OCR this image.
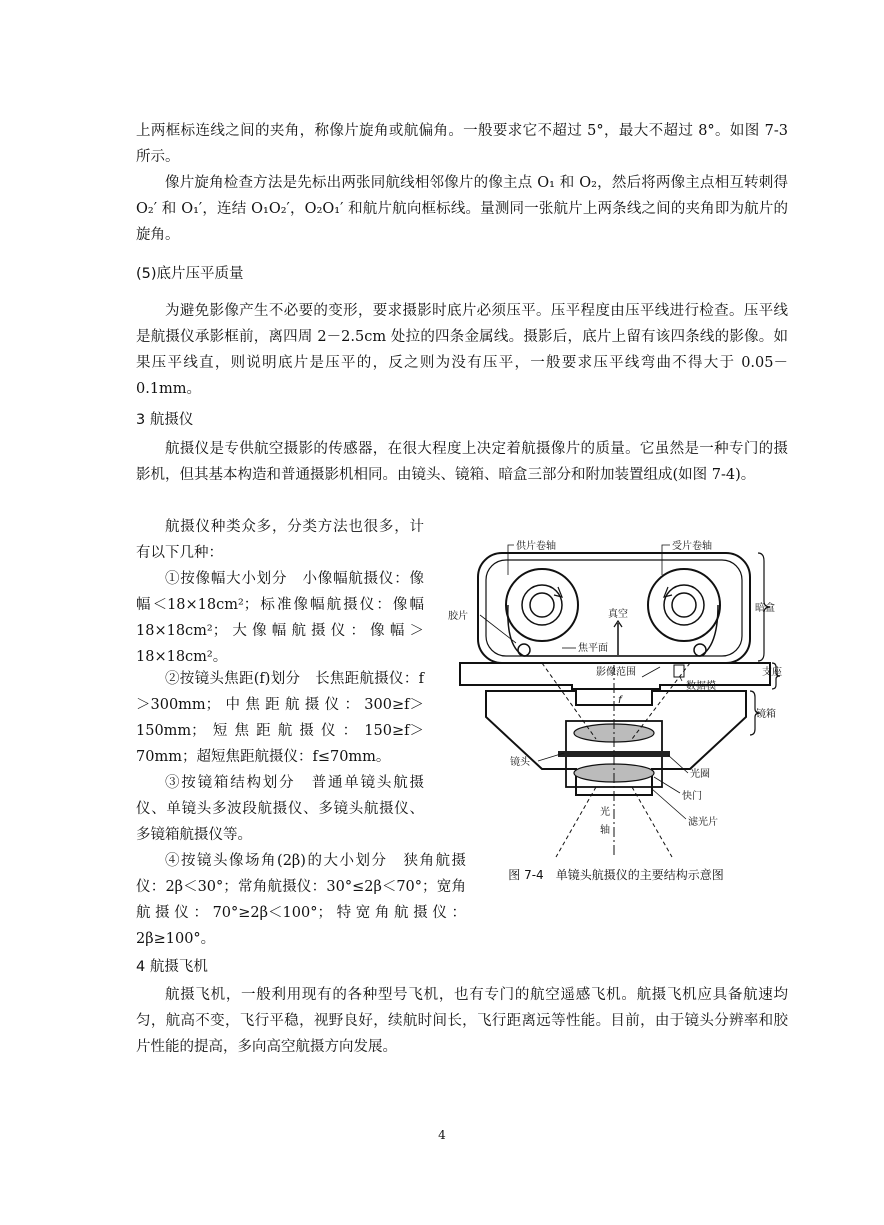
上两框标连线之间的夹角，称像片旋角或航偏角。一般要求它不超过 5°，最大不超过 8°。如图 7-3 所示。
像片旋角检查方法是先标出两张同航线相邻像片的像主点 O₁ 和 O₂，然后将两像主点相互转刺得 O₂′ 和 O₁′，连结 O₁O₂′，O₂O₁′ 和航片航向框标线。量测同一张航片上两条线之间的夹角即为航片的旋角。
(5)底片压平质量
为避免影像产生不必要的变形，要求摄影时底片必须压平。压平程度由压平线进行检查。压平线是航摄仪承影框前，离四周 2－2.5cm 处拉的四条金属线。摄影后，底片上留有该四条线的影像。如果压平线直，则说明底片是压平的，反之则为没有压平，一般要求压平线弯曲不得大于 0.05－0.1mm。
3 航摄仪
航摄仪是专供航空摄影的传感器，在很大程度上决定着航摄像片的质量。它虽然是一种专门的摄影机，但其基本构造和普通摄影机相同。由镜头、镜箱、暗盒三部分和附加装置组成(如图 7-4)。
航摄仪种类众多，分类方法也很多，计有以下几种：
①按像幅大小划分　小像幅航摄仪：像幅＜18×18cm²；标准像幅航摄仪：像幅 18×18cm²；大像幅航摄仪：像幅＞18×18cm²。
②按镜头焦距(f)划分　长焦距航摄仪：f＞300mm；中焦距航摄仪：300≥f＞150mm；短焦距航摄仪：150≥f＞70mm；超短焦距航摄仪：f≤70mm。
③按镜箱结构划分　普通单镜头航摄仪、单镜头多波段航摄仪、多镜头航摄仪、多镜箱航摄仪等。
④按镜头像场角(2β)的大小划分　狭角航摄仪：2β＜30°；常角航摄仪：30°≤2β＜70°；宽角航摄仪：70°≥2β＜100°；特宽角航摄仪：2β≥100°。
供片卷轴	受片卷轴
胶片	真空
焦平面
影像范围
数据模
暗盒
支座
镜箱
镜头
光圈
快门
光
轴
滤光片
f
图 7-4　单镜头航摄仪的主要结构示意图
4 航摄飞机
航摄飞机，一般利用现有的各种型号飞机，也有专门的航空遥感飞机。航摄飞机应具备航速均匀，航高不变，飞行平稳，视野良好，续航时间长，飞行距离远等性能。目前，由于镜头分辨率和胶片性能的提高，多向高空航摄方向发展。
4
